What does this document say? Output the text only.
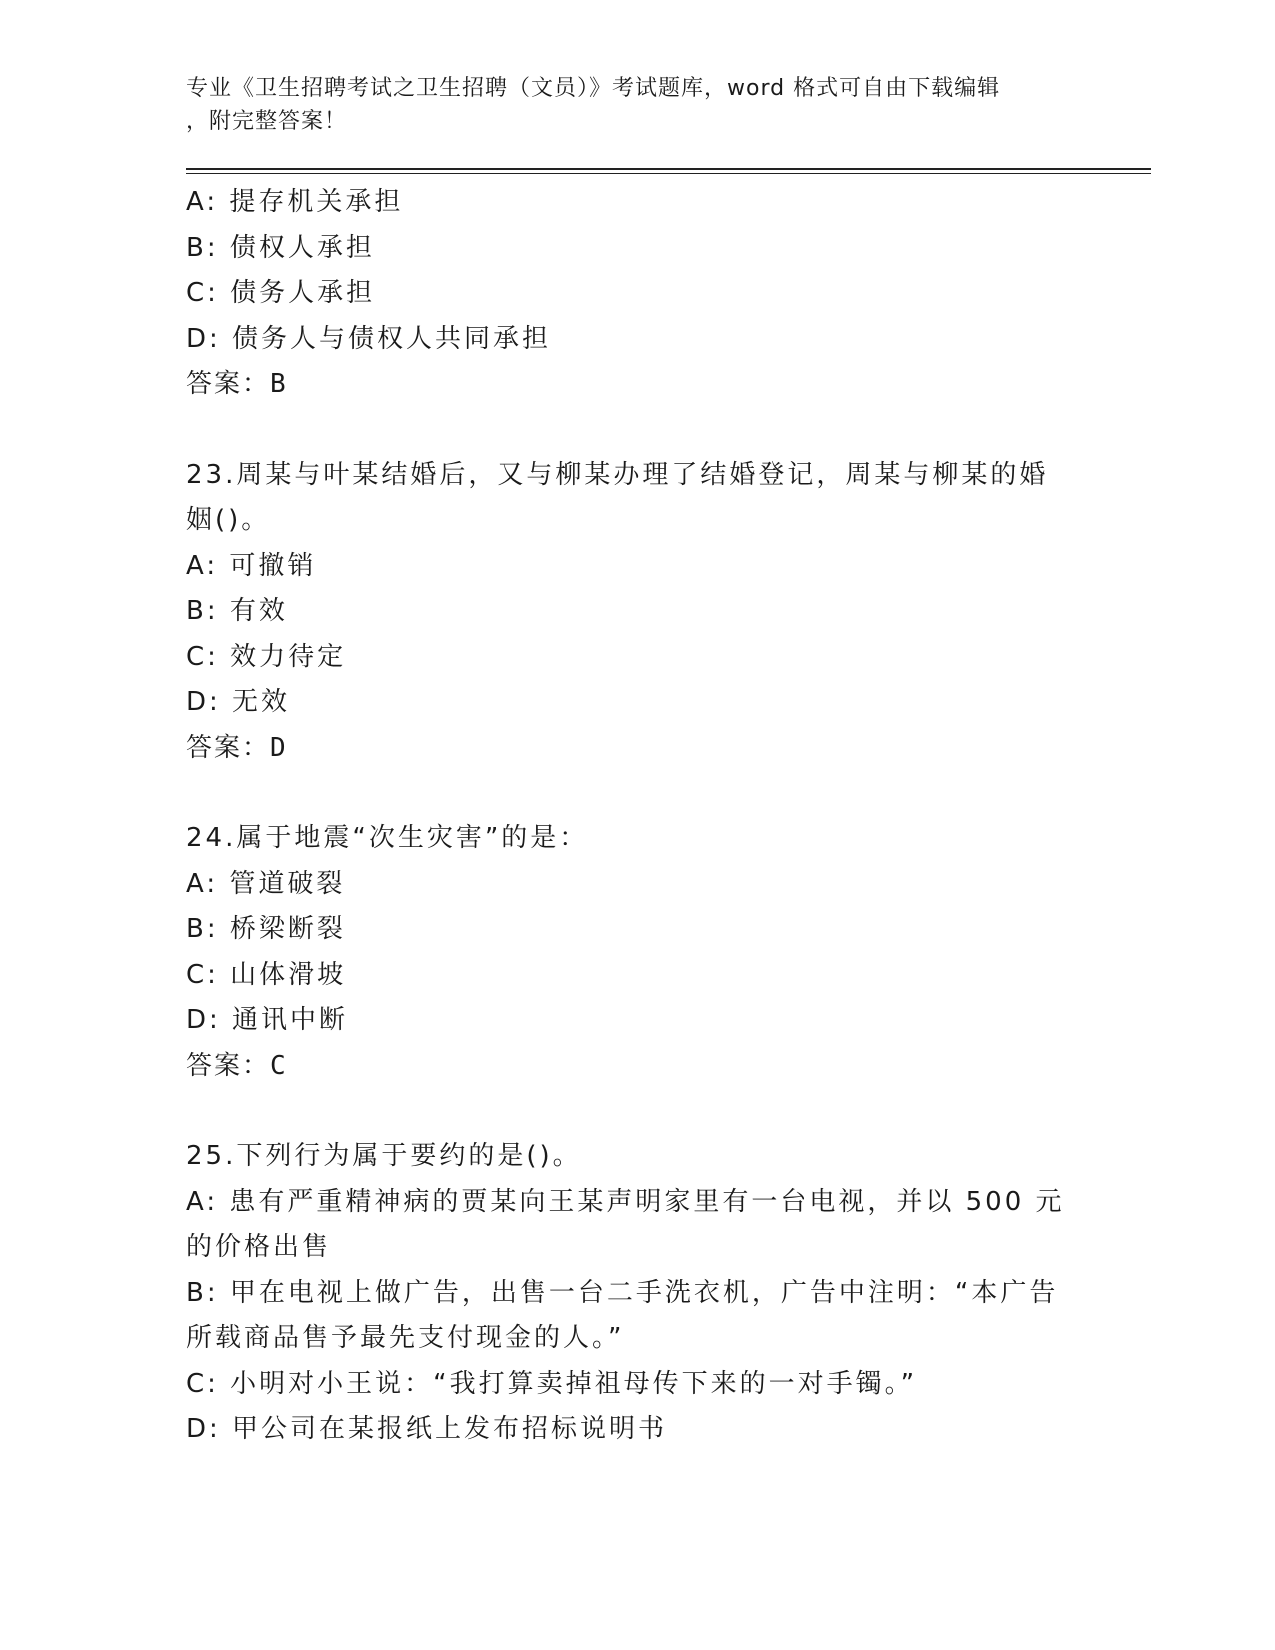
专业《卫生招聘考试之卫生招聘（文员）》考试题库，word 格式可自由下载编辑
，附完整答案！
A: 提存机关承担
B: 债权人承担
C: 债务人承担
D: 债务人与债权人共同承担
答案：B
23.周某与叶某结婚后，又与柳某办理了结婚登记，周某与柳某的婚姻()。
A: 可撤销
B: 有效
C: 效力待定
D: 无效
答案：D
24.属于地震“次生灾害”的是：
A: 管道破裂
B: 桥梁断裂
C: 山体滑坡
D: 通讯中断
答案：C
25.下列行为属于要约的是()。
A: 患有严重精神病的贾某向王某声明家里有一台电视，并以 500 元的价格出售
B: 甲在电视上做广告，出售一台二手洗衣机，广告中注明：“本广告所载商品售予最先支付现金的人。”
C: 小明对小王说：“我打算卖掉祖母传下来的一对手镯。”
D: 甲公司在某报纸上发布招标说明书
